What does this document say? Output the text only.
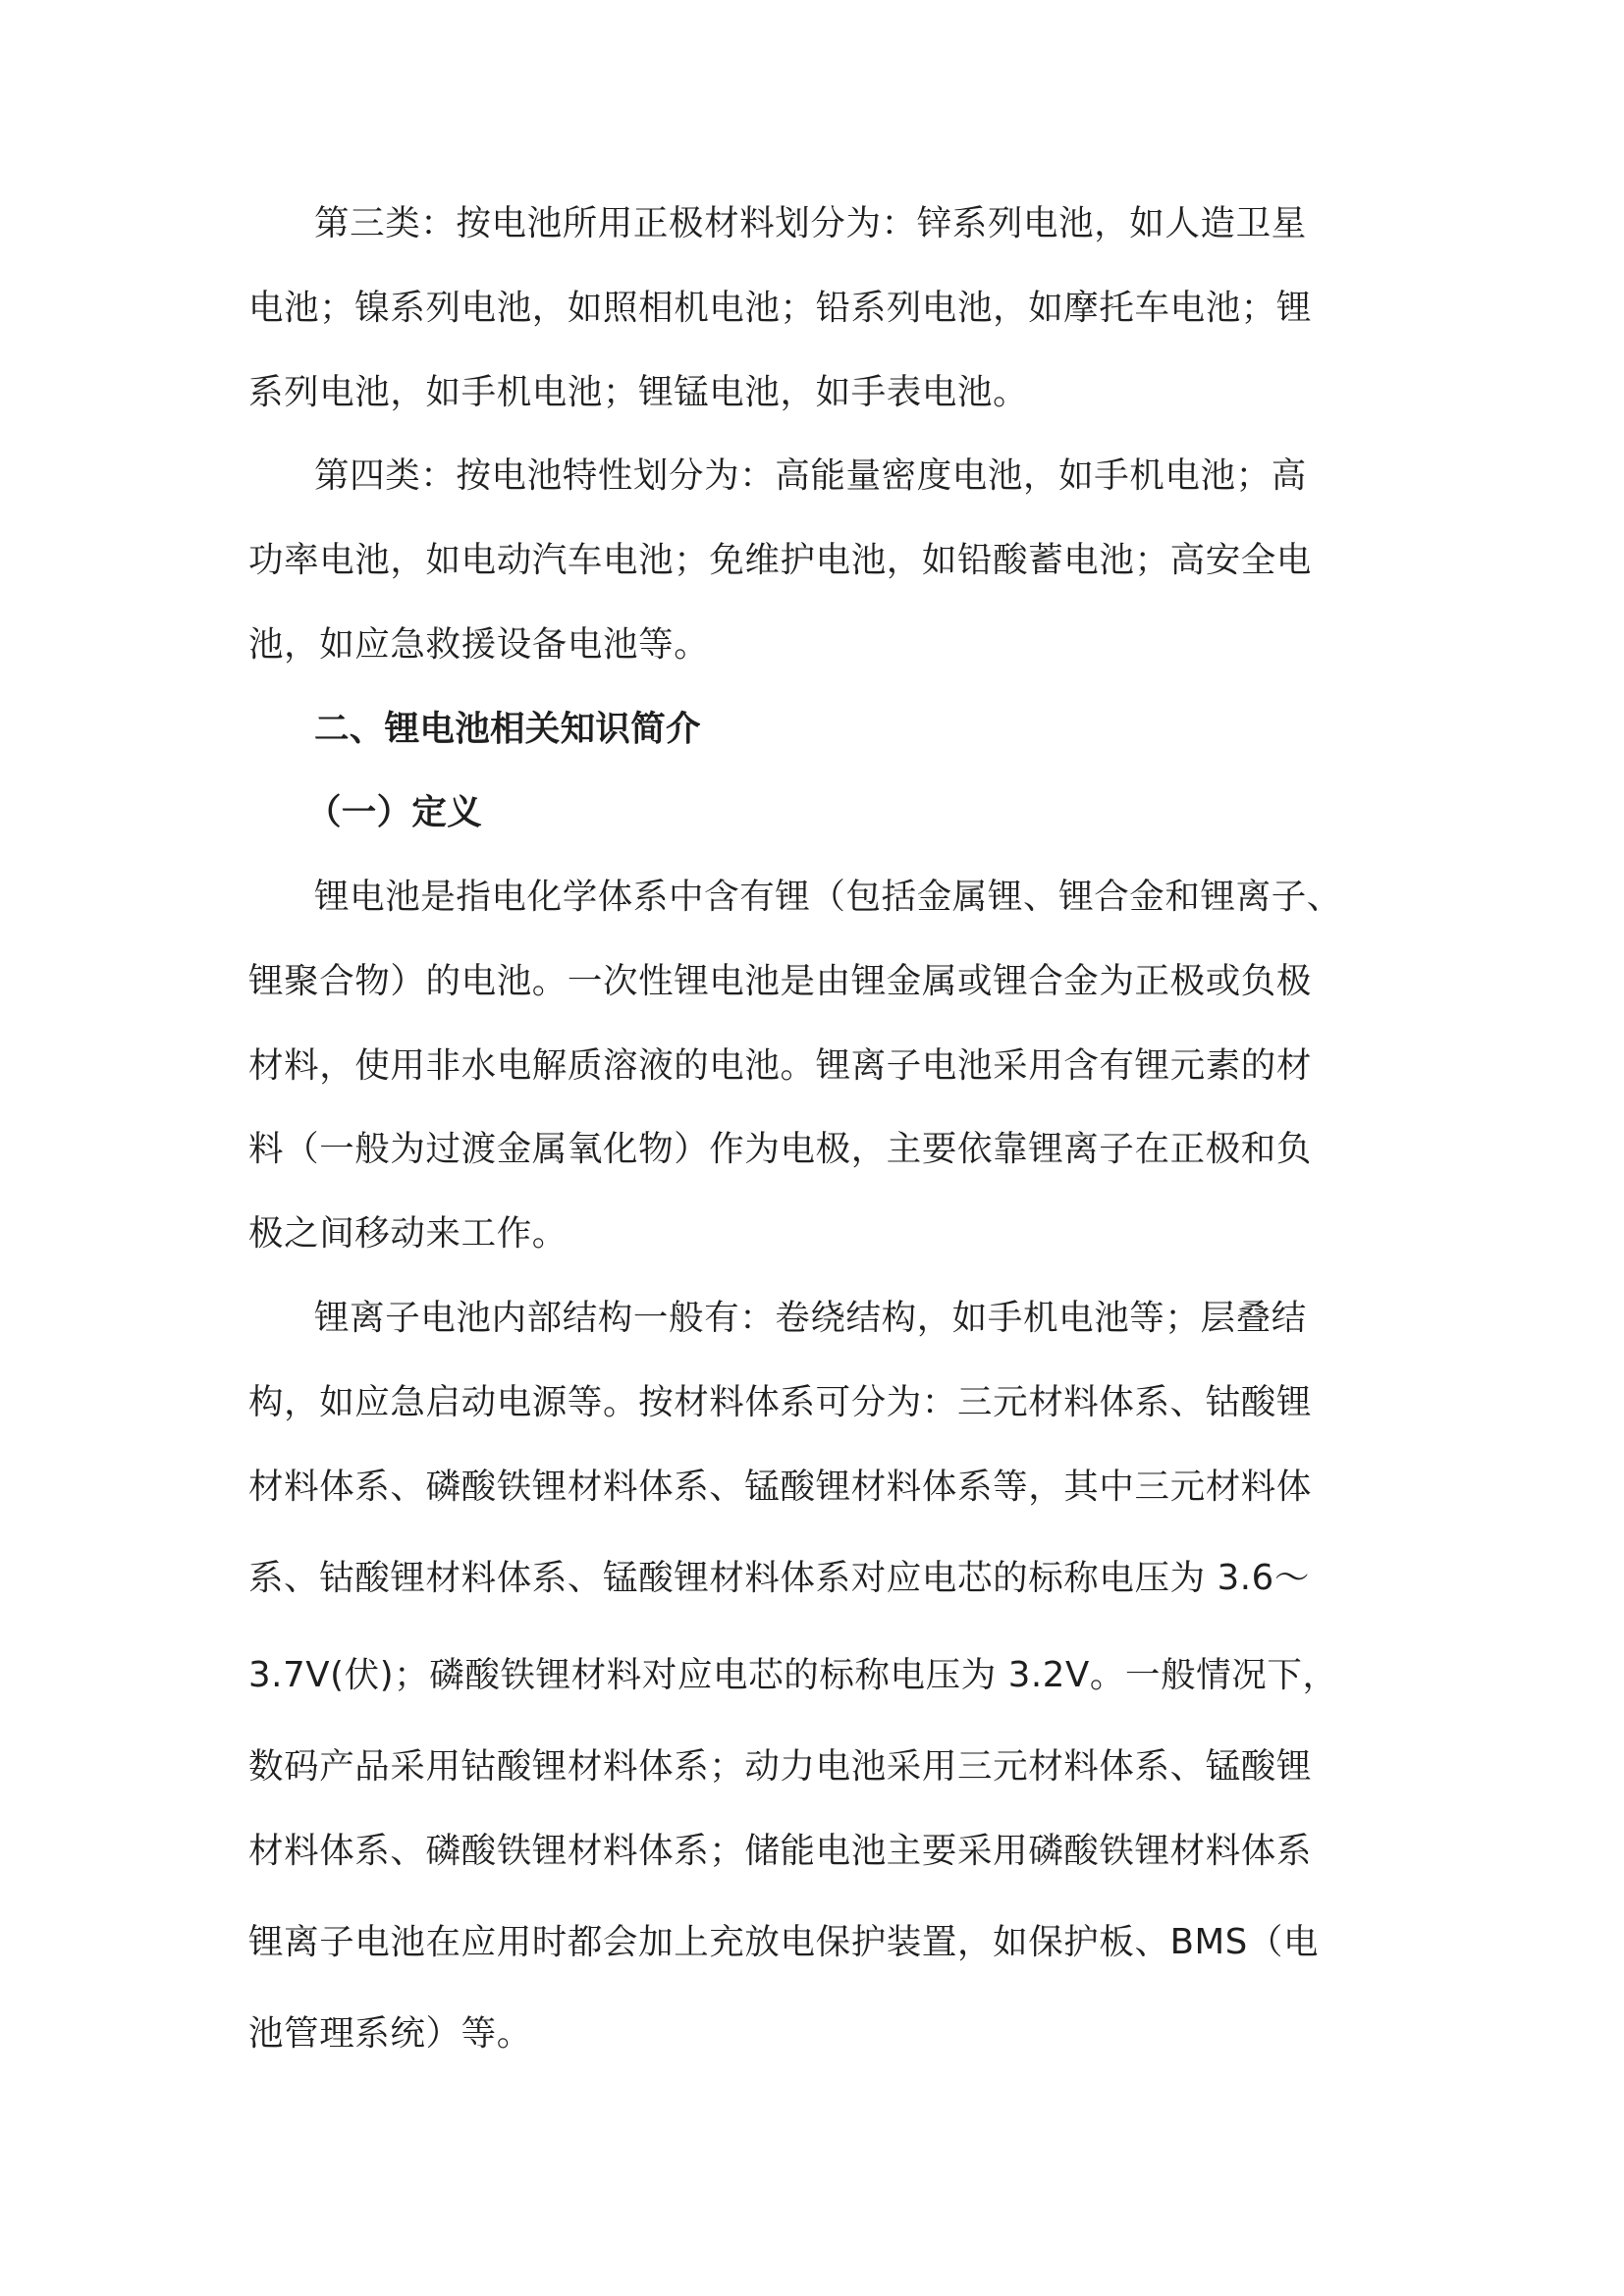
第三类：按电池所用正极材料划分为：锌系列电池，如人造卫星

电池；镍系列电池，如照相机电池；铅系列电池，如摩托车电池；锂

系列电池，如手机电池；锂锰电池，如手表电池。

第四类：按电池特性划分为：高能量密度电池，如手机电池；高

功率电池，如电动汽车电池；免维护电池，如铅酸蓄电池；高安全电

池，如应急救援设备电池等。

二、锂电池相关知识简介

（一）定义

锂电池是指电化学体系中含有锂（包括金属锂、锂合金和锂离子、

锂聚合物）的电池。一次性锂电池是由锂金属或锂合金为正极或负极

材料，使用非水电解质溶液的电池。锂离子电池采用含有锂元素的材

料（一般为过渡金属氧化物）作为电极，主要依靠锂离子在正极和负

极之间移动来工作。

锂离子电池内部结构一般有：卷绕结构，如手机电池等；层叠结

构，如应急启动电源等。按材料体系可分为：三元材料体系、钴酸锂

材料体系、磷酸铁锂材料体系、锰酸锂材料体系等，其中三元材料体

系、钴酸锂材料体系、锰酸锂材料体系对应电芯的标称电压为 3.6～

3.7V(伏)；磷酸铁锂材料对应电芯的标称电压为 3.2V。一般情况下，

数码产品采用钴酸锂材料体系；动力电池采用三元材料体系、锰酸锂

材料体系、磷酸铁锂材料体系；储能电池主要采用磷酸铁锂材料体系

锂离子电池在应用时都会加上充放电保护装置，如保护板、BMS（电

池管理系统）等。
